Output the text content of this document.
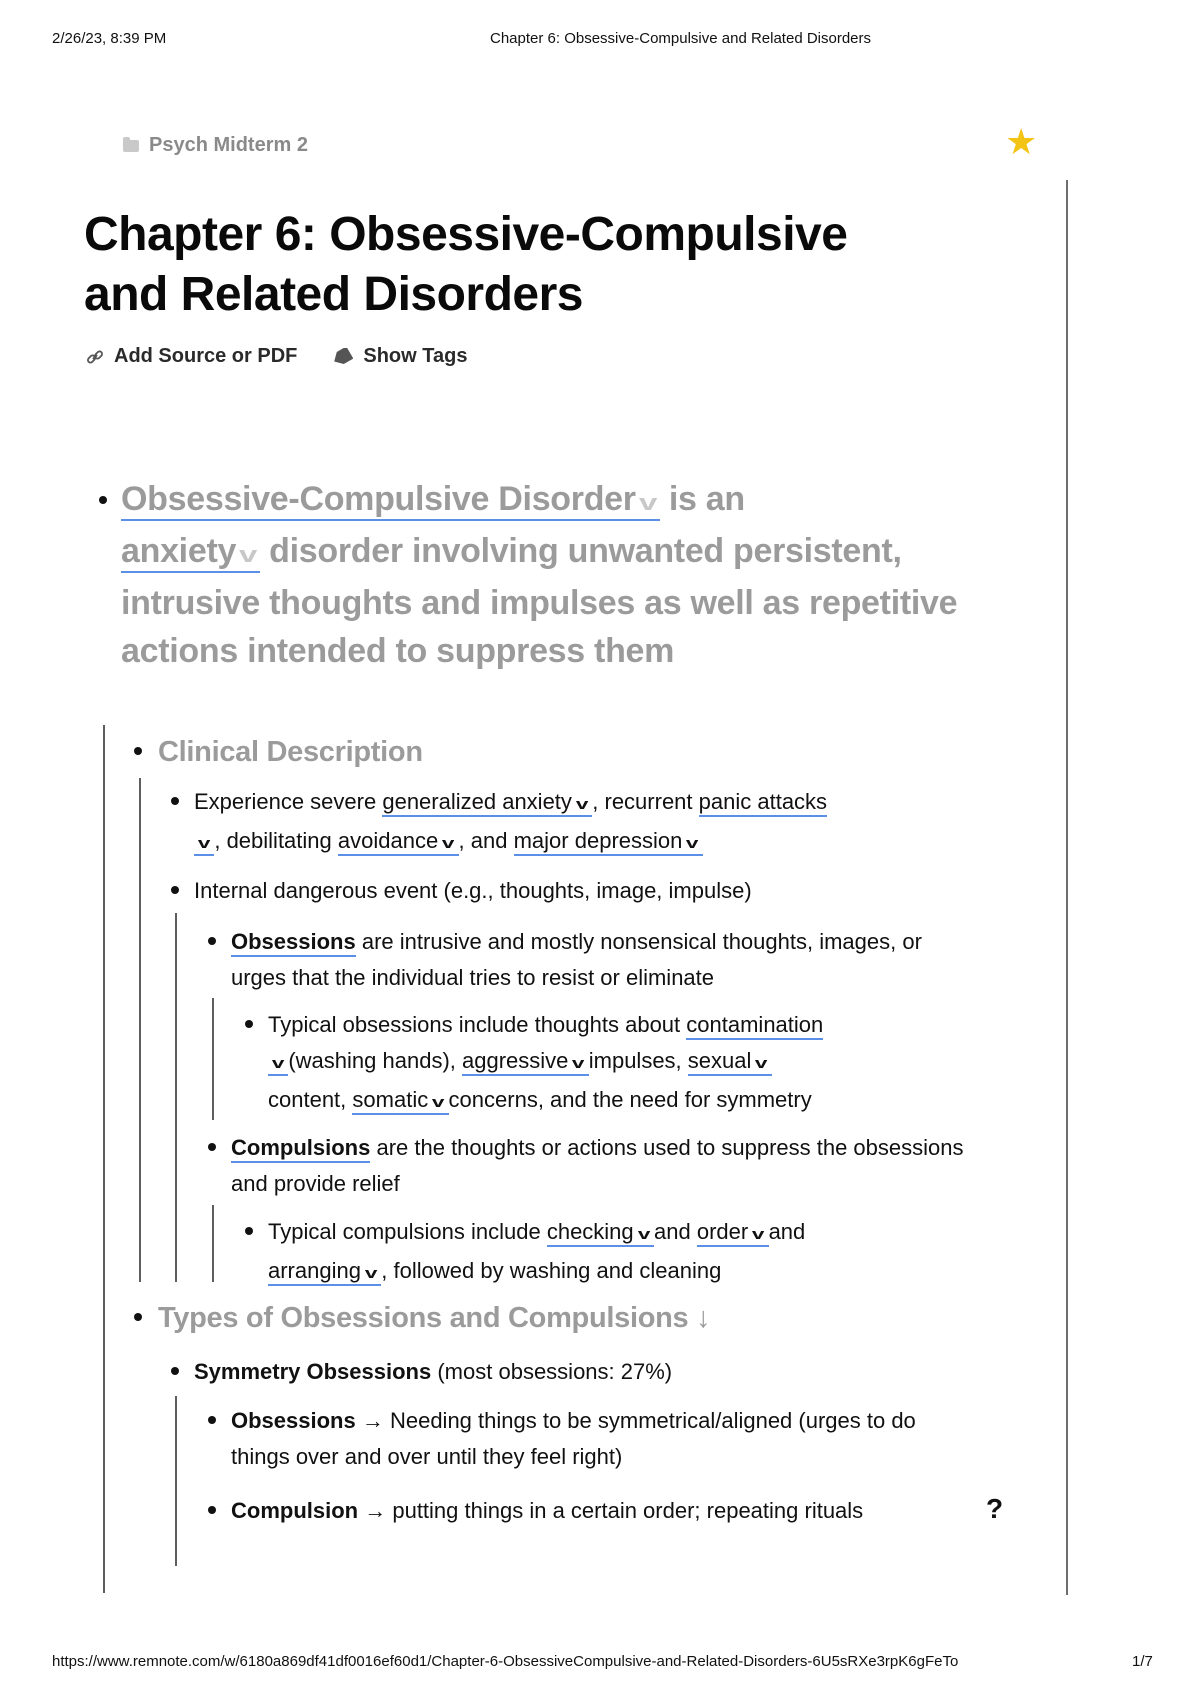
2/26/23, 8:39 PM	Chapter 6: Obsessive-Compulsive and Related Disorders
https://www.remnote.com/w/6180a869df41df0016ef60d1/Chapter-6-ObsessiveCompulsive-and-Related-Disorders-6U5sRXe3rpK6gFeTo	1/7
Psych Midterm 2	★
Chapter 6: Obsessive-Compulsive
and Related Disorders
Add Source or PDF	Show Tags
Obsessive-Compulsive Disorder v is an
anxiety v disorder involving unwanted persistent, intrusive thoughts and impulses as well as repetitive actions intended to suppress them
Clinical Description
Experience severe generalized anxiety v , recurrent panic attacks
v , debilitating avoidance v , and major depression v
Internal dangerous event (e.g., thoughts, image, impulse)
Obsessions are intrusive and mostly nonsensical thoughts, images, or urges that the individual tries to resist or eliminate
Typical obsessions include thoughts about contamination
v (washing hands), aggressive v impulses, sexual v
content, somatic v concerns, and the need for symmetry
Compulsions are the thoughts or actions used to suppress the obsessions and provide relief
Typical compulsions include checking v and order v and
arranging v , followed by washing and cleaning
Types of Obsessions and Compulsions ↓
Symmetry Obsessions (most obsessions: 27%)
Obsessions → Needing things to be symmetrical/aligned (urges to do things over and over until they feel right)
Compulsion → putting things in a certain order; repeating rituals	?
